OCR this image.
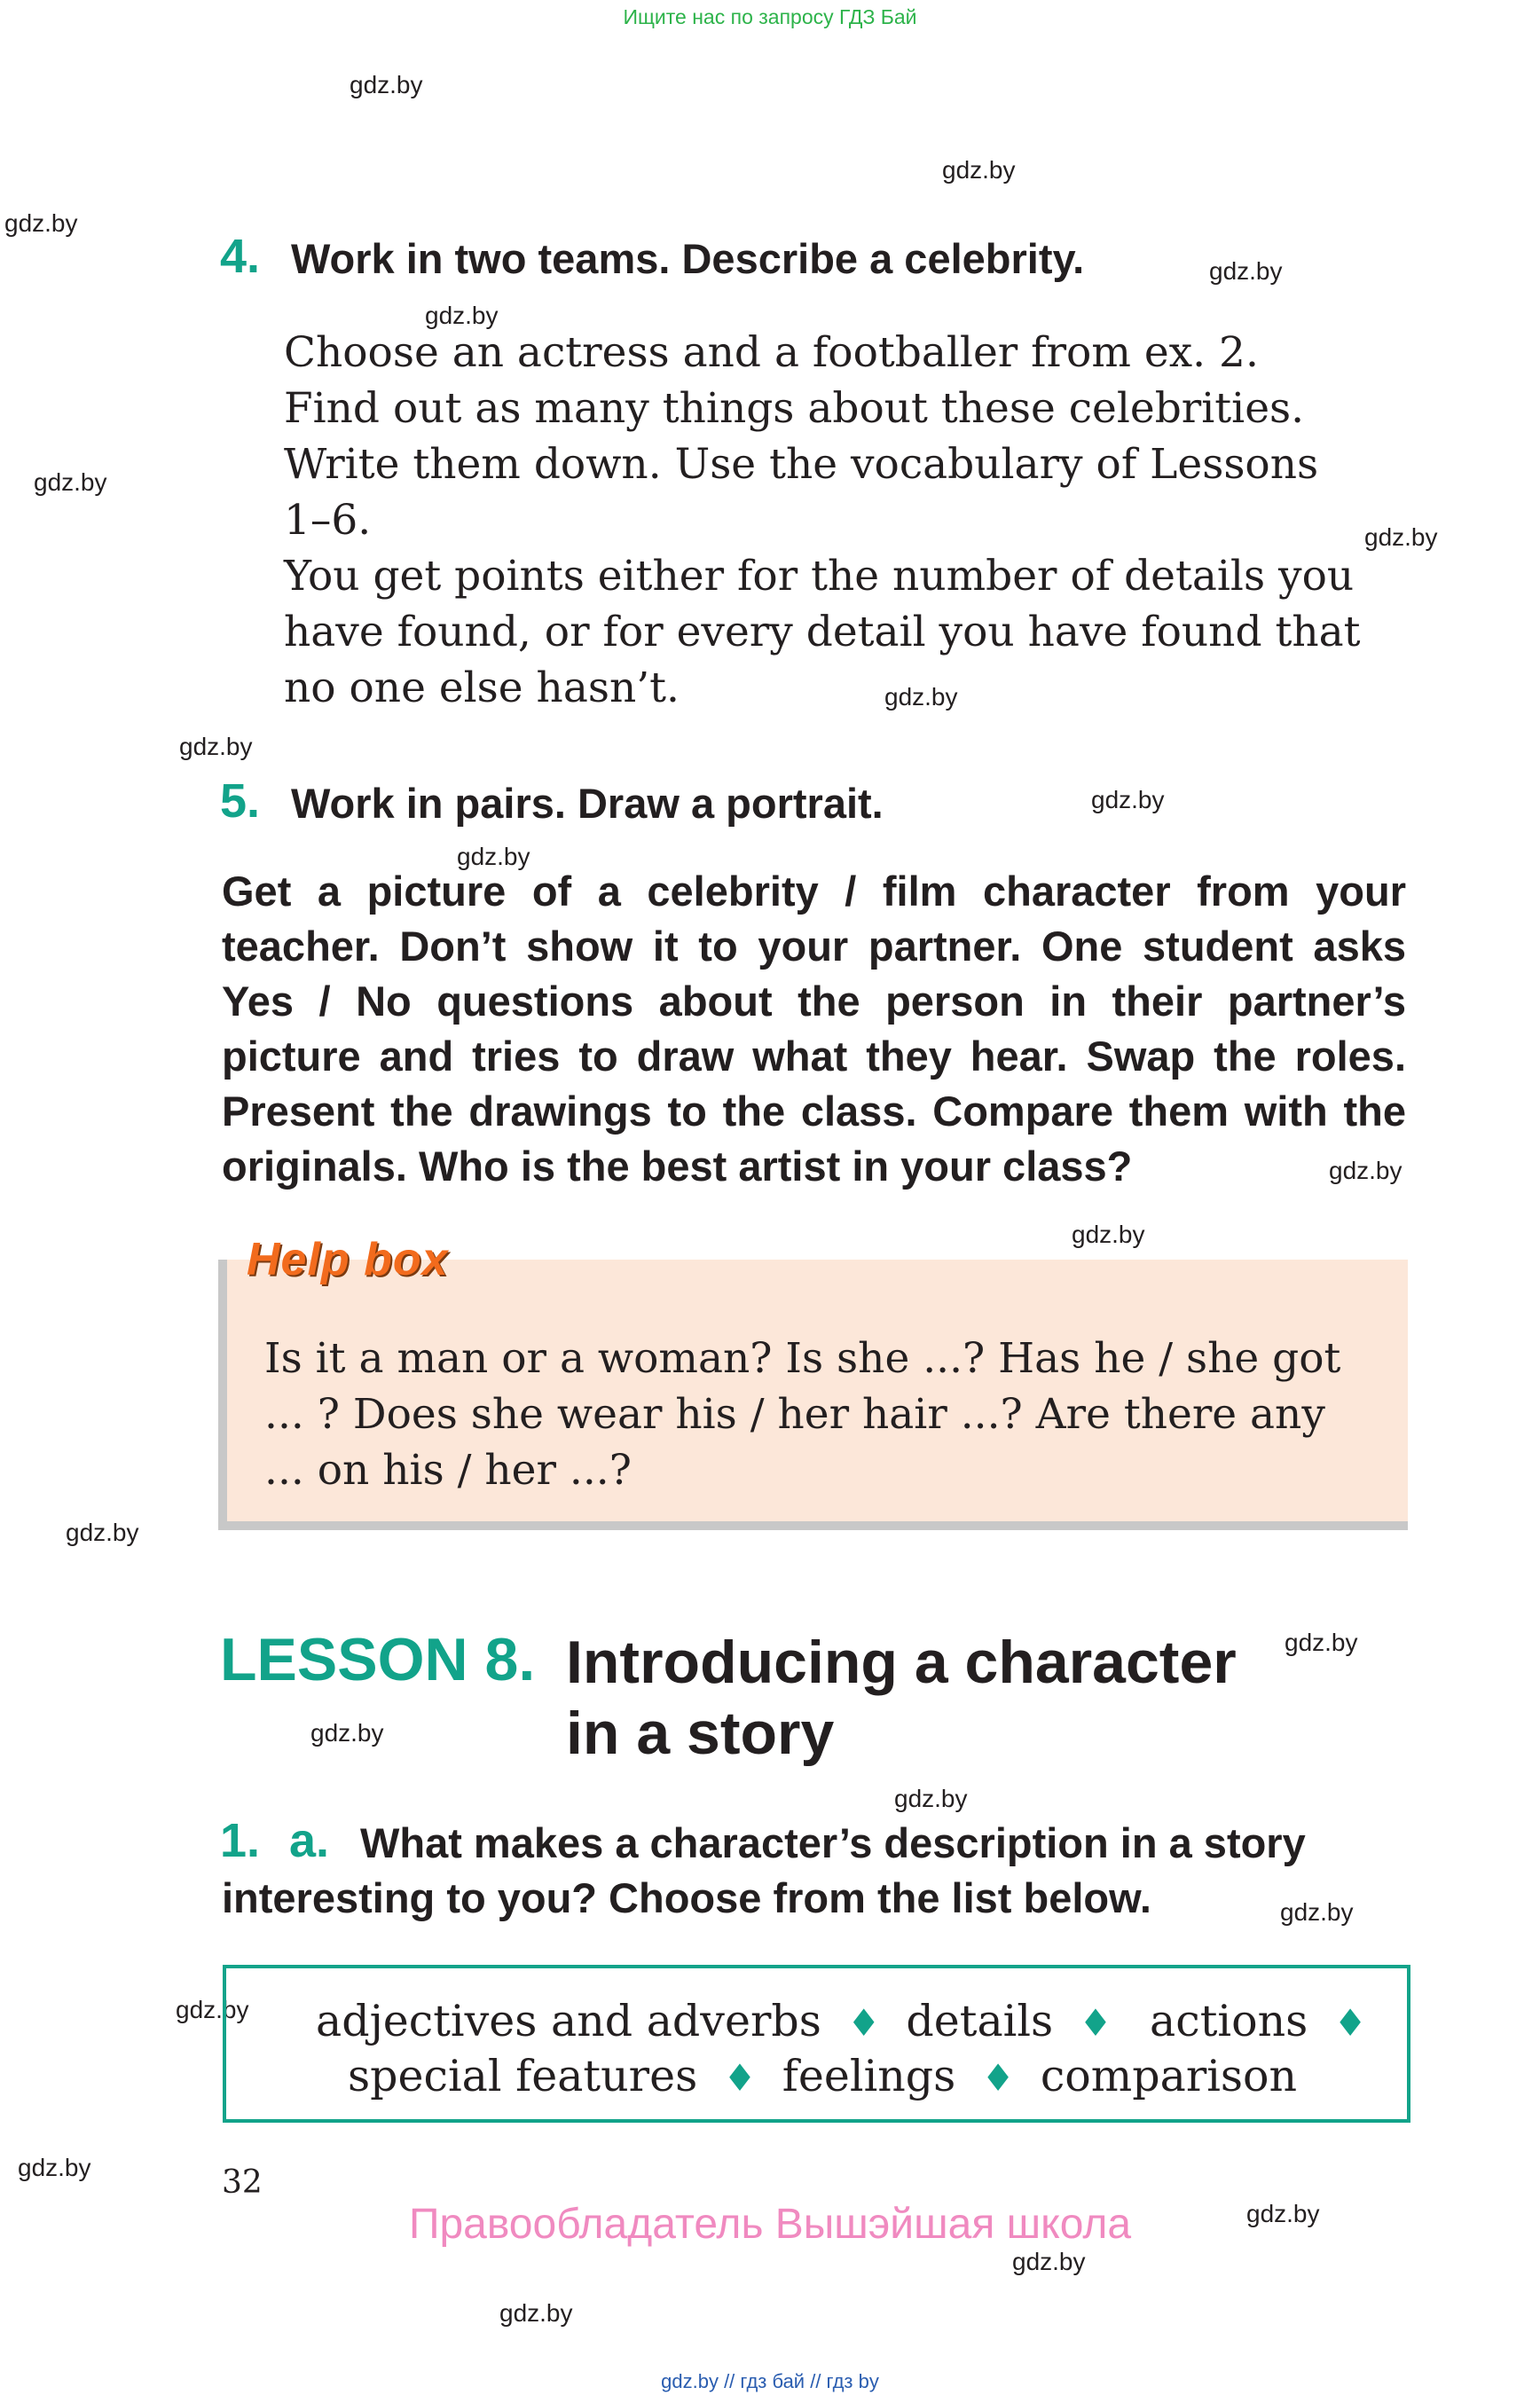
Ищите нас по запросу ГДЗ Бай
gdz.by
gdz.by
gdz.by
gdz.by
gdz.by
gdz.by
gdz.by
gdz.by
gdz.by
gdz.by
gdz.by
gdz.by
gdz.by
gdz.by
gdz.by
gdz.by
gdz.by
gdz.by
gdz.by
gdz.by
gdz.by
gdz.by
gdz.by
4. Work in two teams. Describe a celebrity.
Choose an actress and a footballer from ex. 2.
Find out as many things about these celebrities.
Write them down. Use the vocabulary of Lessons
1–6.
You get points either for the number of details you
have found, or for every detail you have found that
no one else hasn’t.
5. Work in pairs. Draw a portrait.
Get a picture of a celebrity / film character from your
teacher. Don’t show it to your partner. One student asks
Yes / No questions about the person in their partner’s
picture and tries to draw what they hear. Swap the roles.
Present the drawings to the class. Compare them with the
originals. Who is the best artist in your class?
Help box
Is it a man or a woman? Is she ...? Has he / she got
... ? Does she wear his / her hair ...? Are there any
... on his / her ...?
LESSON 8. Introducing a character
in a story
1. a. What makes a character’s description in a story
interesting to you? Choose from the list below.
adjectives and adverbs  ♦  details  ♦   actions  ♦
special features  ♦  feelings  ♦  comparison
32
Правообладатель Вышэйшая школа
gdz.by // гдз бай // гдз by
